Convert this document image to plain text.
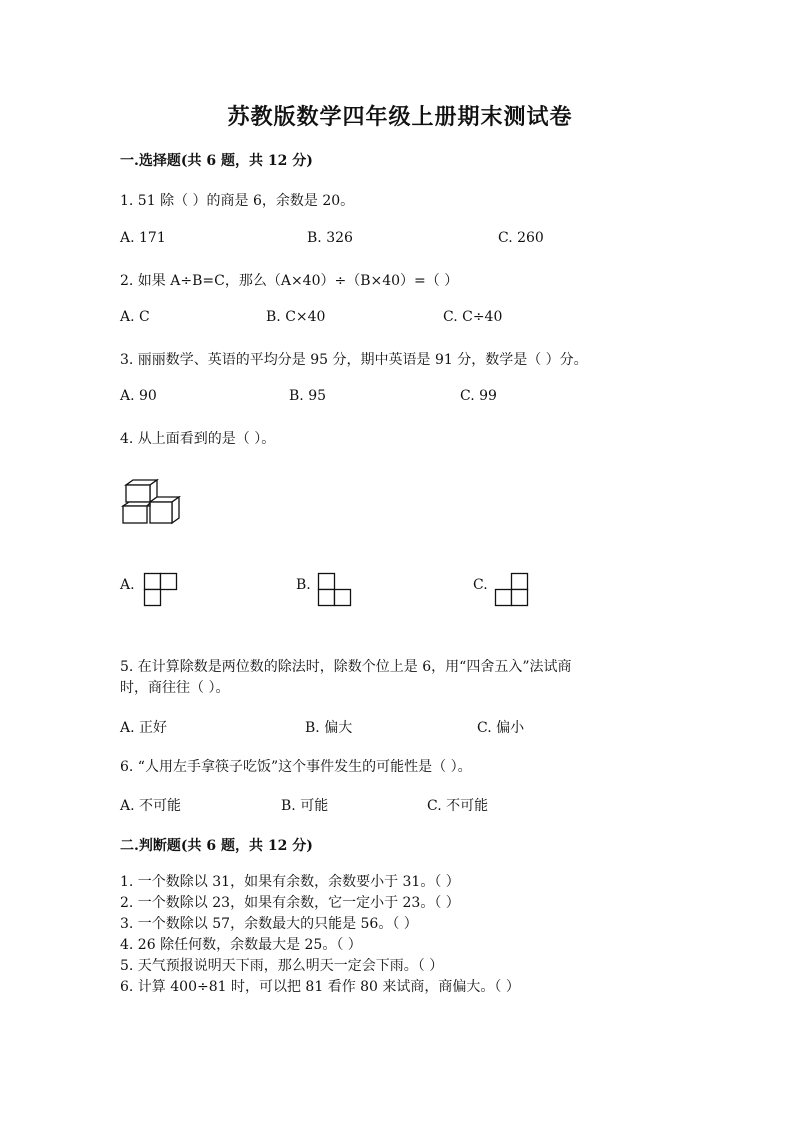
苏教版数学四年级上册期末测试卷
一.选择题(共 6 题，共 12 分)
1. 51 除（ ）的商是 6，余数是 20。
A. 171	B. 326	C. 260
2. 如果 A÷B=C，那么（A×40）÷（B×40）=（ ）
A. C	B. C×40	C. C÷40
3. 丽丽数学、英语的平均分是 95 分，期中英语是 91 分，数学是（ ）分。
A. 90	B. 95	C. 99
4. 从上面看到的是（ ）。
A.	B.	C.
5. 在计算除数是两位数的除法时，除数个位上是 6，用“四舍五入”法试商
时，商往往（ ）。
A. 正好	B. 偏大	C. 偏小
6. “人用左手拿筷子吃饭”这个事件发生的可能性是（ ）。
A. 不可能	B. 可能	C. 不可能
二.判断题(共 6 题，共 12 分)
1. 一个数除以 31，如果有余数，余数要小于 31。（ ）
2. 一个数除以 23，如果有余数，它一定小于 23。（ ）
3. 一个数除以 57，余数最大的只能是 56。（ ）
4. 26 除任何数，余数最大是 25。（ ）
5. 天气预报说明天下雨，那么明天一定会下雨。（ ）
6. 计算 400÷81 时，可以把 81 看作 80 来试商，商偏大。（ ）
